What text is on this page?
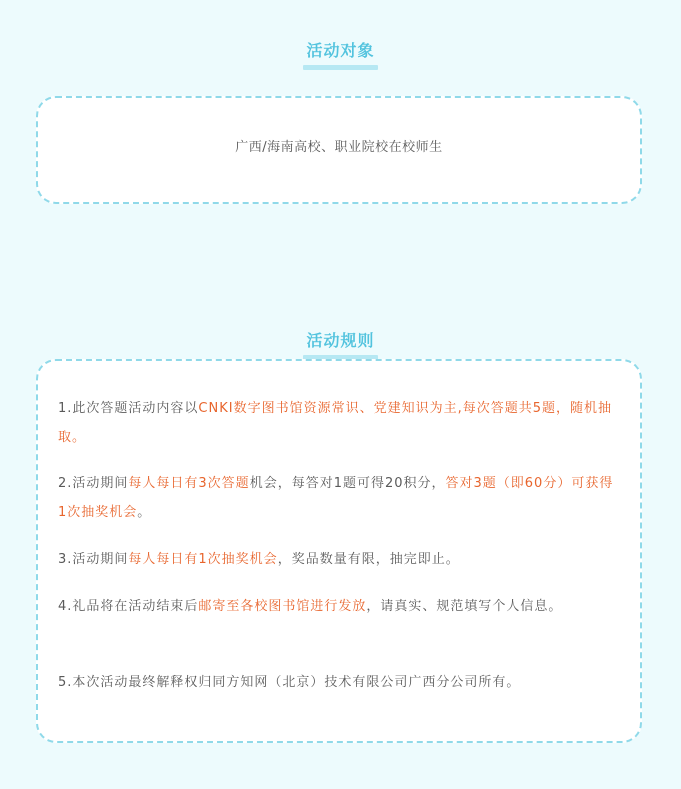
活动对象
广西/海南高校、职业院校在校师生
活动规则
1.此次答题活动内容以CNKI数字图书馆资源常识、党建知识为主,每次答题共5题，随机抽取。
2.活动期间每人每日有3次答题机会，每答对1题可得20积分，答对3题（即60分）可获得1次抽奖机会。
3.活动期间每人每日有1次抽奖机会，奖品数量有限，抽完即止。
4.礼品将在活动结束后邮寄至各校图书馆进行发放，请真实、规范填写个人信息。
5.本次活动最终解释权归同方知网（北京）技术有限公司广西分公司所有。
